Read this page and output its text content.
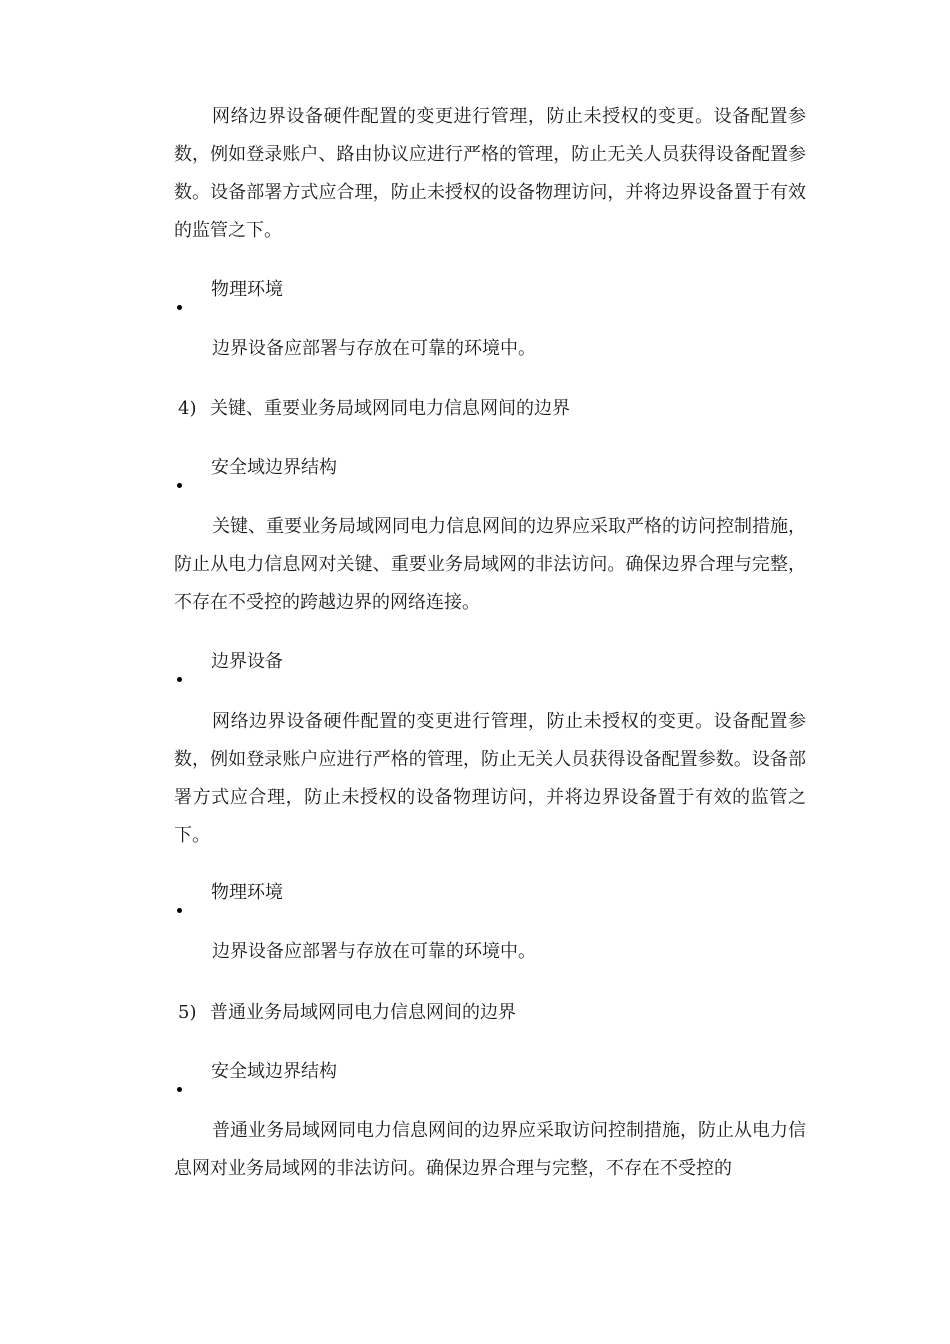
网络边界设备硬件配置的变更进行管理，防止未授权的变更。设备配置参数，例如登录账户、路由协议应进行严格的管理，防止无关人员获得设备配置参数。设备部署方式应合理，防止未授权的设备物理访问，并将边界设备置于有效的监管之下。

物理环境

边界设备应部署与存放在可靠的环境中。

4) 关键、重要业务局域网同电力信息网间的边界

安全域边界结构

关键、重要业务局域网同电力信息网间的边界应采取严格的访问控制措施，防止从电力信息网对关键、重要业务局域网的非法访问。确保边界合理与完整，不存在不受控的跨越边界的网络连接。

边界设备

网络边界设备硬件配置的变更进行管理，防止未授权的变更。设备配置参数，例如登录账户应进行严格的管理，防止无关人员获得设备配置参数。设备部署方式应合理，防止未授权的设备物理访问，并将边界设备置于有效的监管之下。

物理环境

边界设备应部署与存放在可靠的环境中。

5) 普通业务局域网同电力信息网间的边界

安全域边界结构

普通业务局域网同电力信息网间的边界应采取访问控制措施，防止从电力信息网对业务局域网的非法访问。确保边界合理与完整，不存在不受控的
